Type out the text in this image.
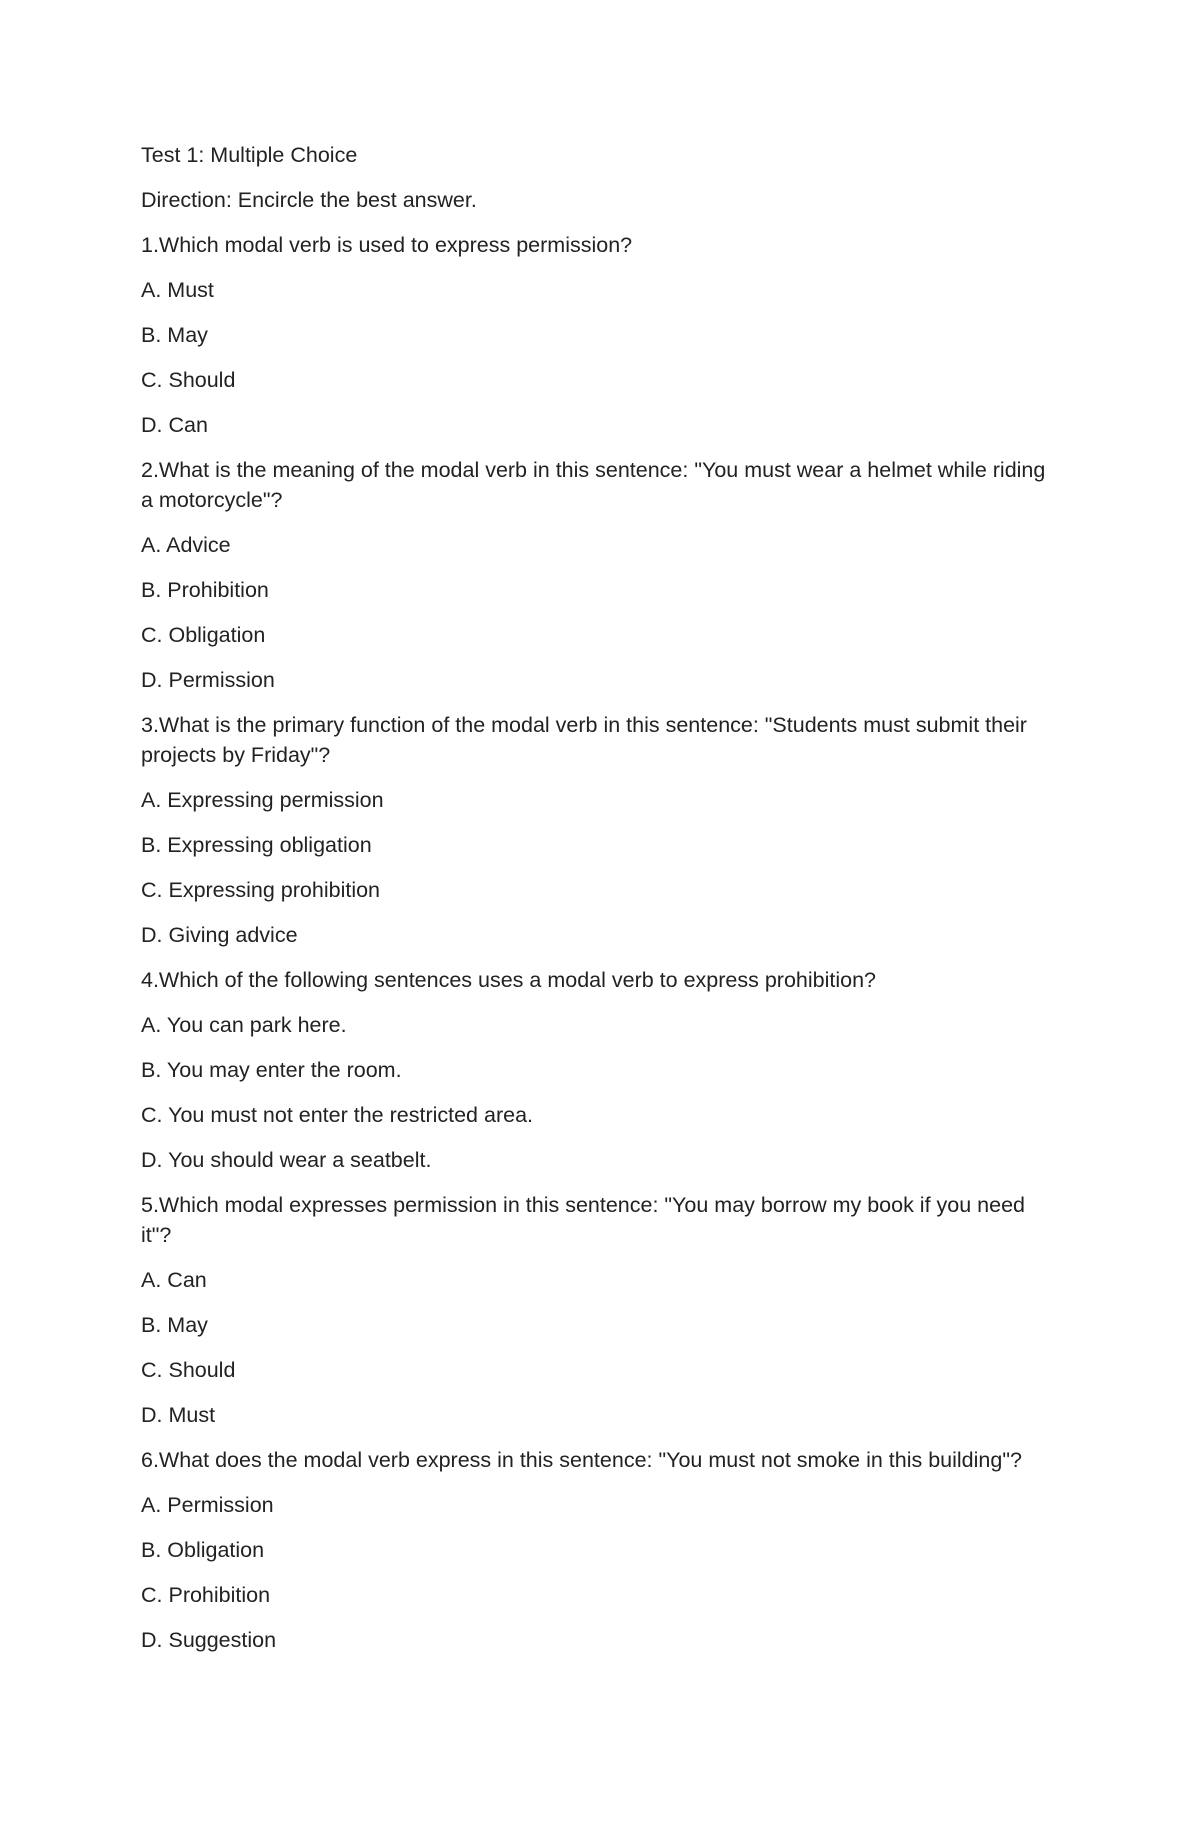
Test 1: Multiple Choice

Direction: Encircle the best answer.

1.Which modal verb is used to express permission?

A. Must

B. May

C. Should

D. Can

2.What is the meaning of the modal verb in this sentence: "You must wear a helmet while riding a motorcycle"?

A. Advice

B. Prohibition

C. Obligation

D. Permission

3.What is the primary function of the modal verb in this sentence: "Students must submit their projects by Friday"?

A. Expressing permission

B. Expressing obligation

C. Expressing prohibition

D. Giving advice

4.Which of the following sentences uses a modal verb to express prohibition?

A. You can park here.

B. You may enter the room.

C. You must not enter the restricted area.

D. You should wear a seatbelt.

5.Which modal expresses permission in this sentence: "You may borrow my book if you need it"?

A. Can

B. May

C. Should

D. Must

6.What does the modal verb express in this sentence: "You must not smoke in this building"?

A. Permission

B. Obligation

C. Prohibition

D. Suggestion
